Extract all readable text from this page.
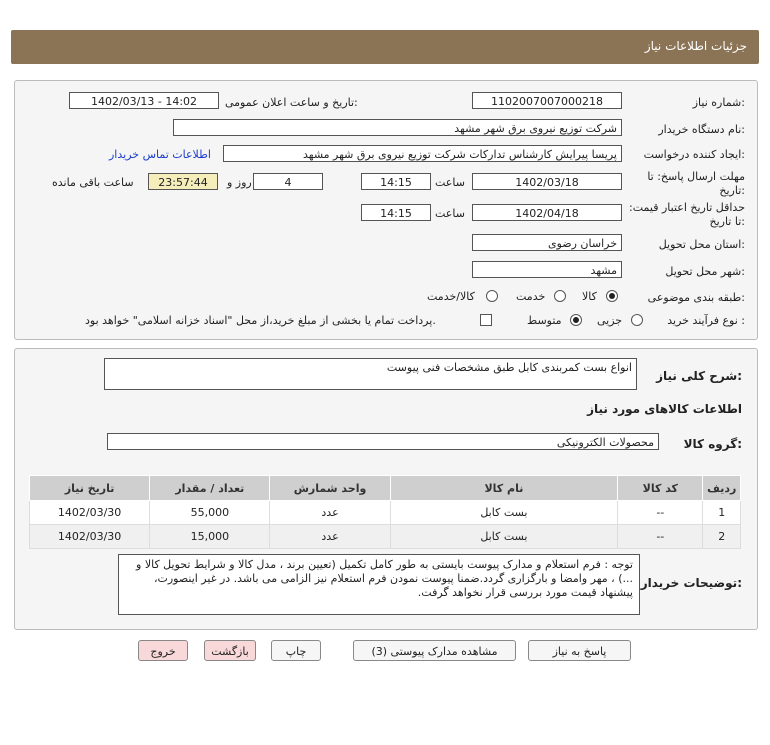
جزئیات اطلاعات نیاز
شماره نیاز:
1102007007000218
تاریخ و ساعت اعلان عمومی:
1402/03/13 - 14:02
نام دستگاه خریدار:
شرکت توزیع نیروی برق شهر مشهد
ایجاد کننده درخواست:
پریسا پیرایش کارشناس تدارکات شرکت توزیع نیروی برق شهر مشهد
اطلاعات تماس خریدار
مهلت ارسال پاسخ: تا تاریخ:
1402/03/18
ساعت
14:15
4
روز و
23:57:44
ساعت باقی مانده
حداقل تاریخ اعتبار قیمت: تا تاریخ:
1402/04/18
ساعت
14:15
استان محل تحویل:
خراسان رضوی
شهر محل تحویل:
مشهد
طبقه بندی موضوعی:
کالا
خدمت
کالا/خدمت
نوع فرآیند خرید :
جزیی
متوسط
پرداخت تمام یا بخشی از مبلغ خرید،از محل "اسناد خزانه اسلامی" خواهد بود.
شرح کلی نیاز:
انواع بست کمربندی کابل طبق مشخصات فنی پیوست
اطلاعات کالاهای مورد نیاز
گروه کالا:
محصولات الکترونیکی
ردیف	کد کالا	نام کالا	واحد شمارش	تعداد / مقدار	تاریخ نیاز
1	--	بست کابل	عدد	55,000	1402/03/30
2	--	بست کابل	عدد	15,000	1402/03/30
توضیحات خریدار:
توجه : فرم استعلام و مدارک پیوست بایستی به طور کامل تکمیل (تعیین برند ، مدل کالا و شرایط تحویل کالا و ...) ، مهر وامضا و بارگزاری گردد.ضمنا پیوست نمودن فرم استعلام نیز الزامی می باشد. در غیر اینصورت، پیشنهاد قیمت مورد بررسی قرار نخواهد گرفت.
پاسخ به نیاز
مشاهده مدارک پیوستی (3)
چاپ
بازگشت
خروج
